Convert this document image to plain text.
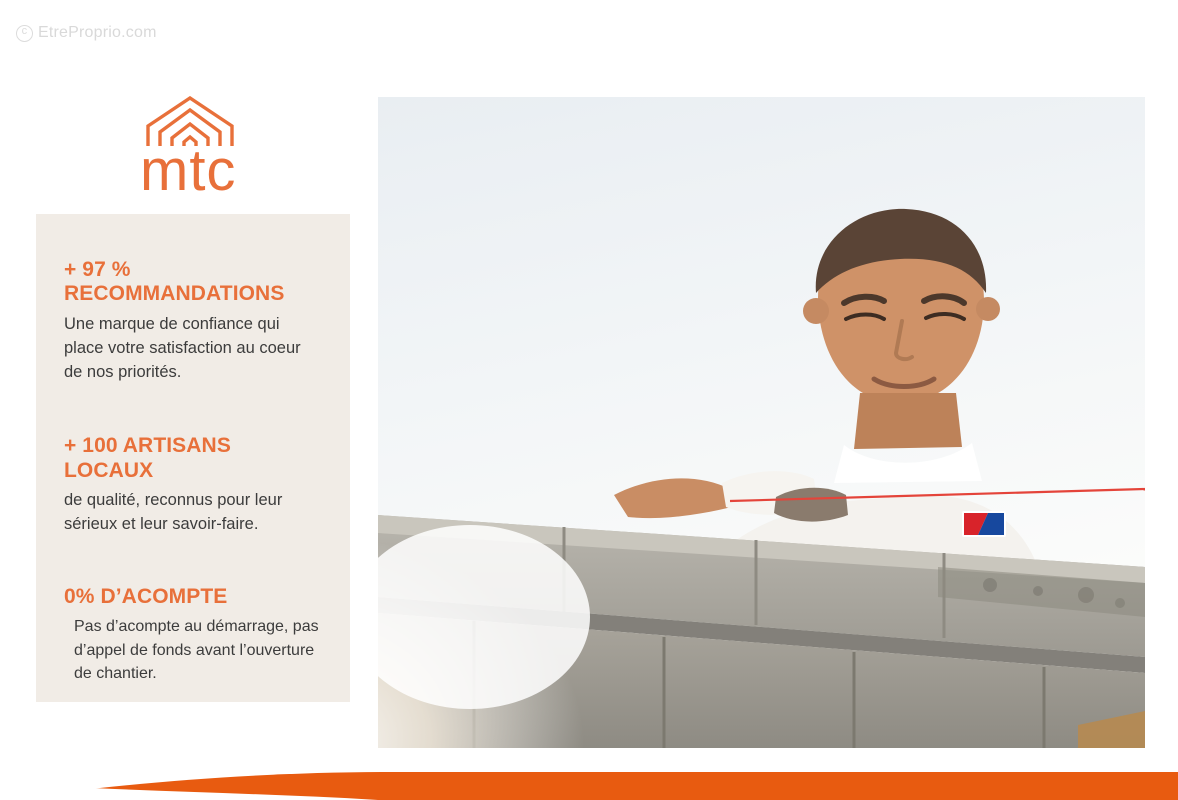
c
EtreProprio.com
mtc

+ 97 % RECOMMANDATIONS

Une marque de confiance qui place votre satisfaction au coeur de nos priorités.

+ 100 ARTISANS LOCAUX

de qualité, reconnus pour leur sérieux et leur savoir-faire.

0% D’ACOMPTE

Pas d’acompte au démarrage, pas d’appel de fonds avant l’ouverture de chantier.
